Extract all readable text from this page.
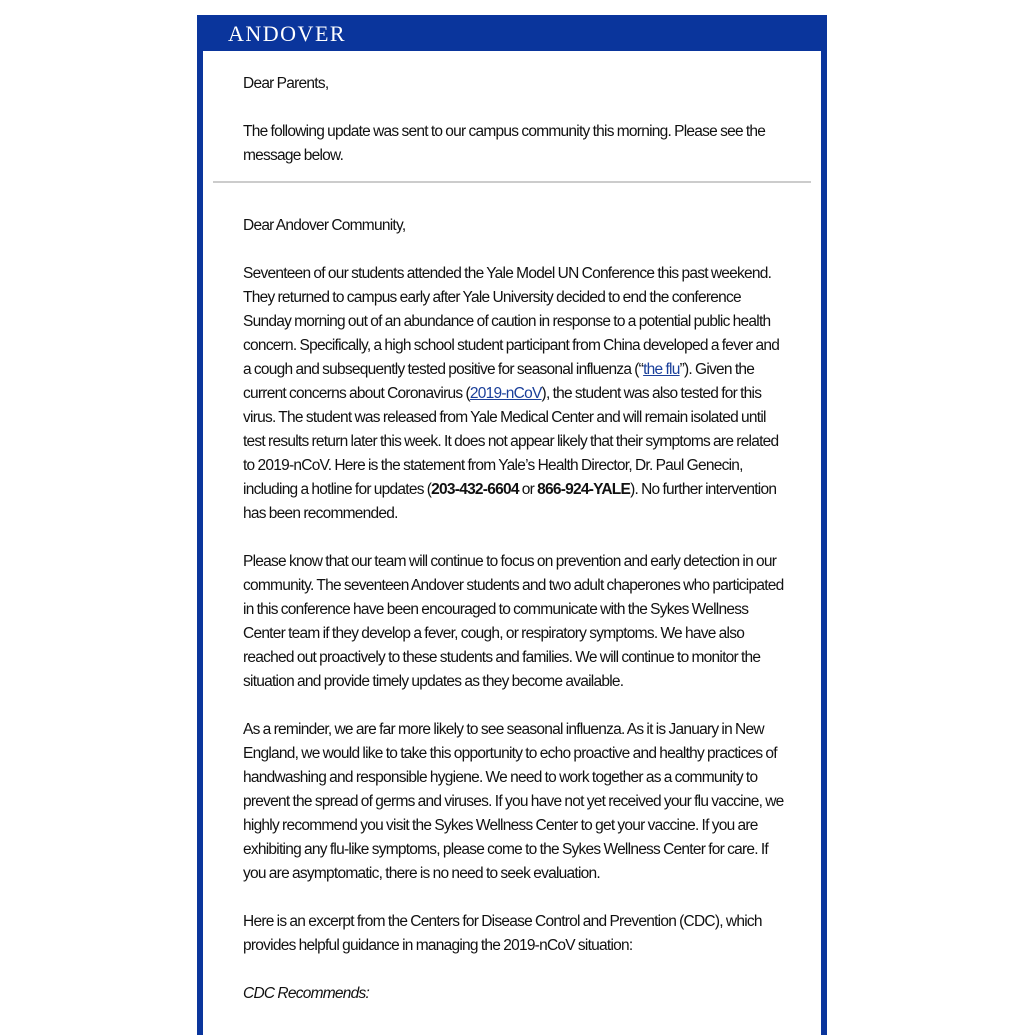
ANDOVER

Dear Parents,

The following update was sent to our campus community this morning. Please see the message below.

Dear Andover Community,

Seventeen of our students attended the Yale Model UN Conference this past weekend. They returned to campus early after Yale University decided to end the conference Sunday morning out of an abundance of caution in response to a potential public health concern. Specifically, a high school student participant from China developed a fever and a cough and subsequently tested positive for seasonal influenza (“the flu”). Given the current concerns about Coronavirus (2019-nCoV), the student was also tested for this virus. The student was released from Yale Medical Center and will remain isolated until test results return later this week. It does not appear likely that their symptoms are related to 2019-nCoV. Here is the statement from Yale’s Health Director, Dr. Paul Genecin, including a hotline for updates (203-432-6604 or 866-924-YALE). No further intervention has been recommended.

Please know that our team will continue to focus on prevention and early detection in our community. The seventeen Andover students and two adult chaperones who participated in this conference have been encouraged to communicate with the Sykes Wellness Center team if they develop a fever, cough, or respiratory symptoms. We have also reached out proactively to these students and families. We will continue to monitor the situation and provide timely updates as they become available.

As a reminder, we are far more likely to see seasonal influenza. As it is January in New England, we would like to take this opportunity to echo proactive and healthy practices of handwashing and responsible hygiene. We need to work together as a community to prevent the spread of germs and viruses. If you have not yet received your flu vaccine, we highly recommend you visit the Sykes Wellness Center to get your vaccine. If you are exhibiting any flu-like symptoms, please come to the Sykes Wellness Center for care. If you are asymptomatic, there is no need to seek evaluation.

Here is an excerpt from the Centers for Disease Control and Prevention (CDC), which provides helpful guidance in managing the 2019-nCoV situation:

CDC Recommends:
